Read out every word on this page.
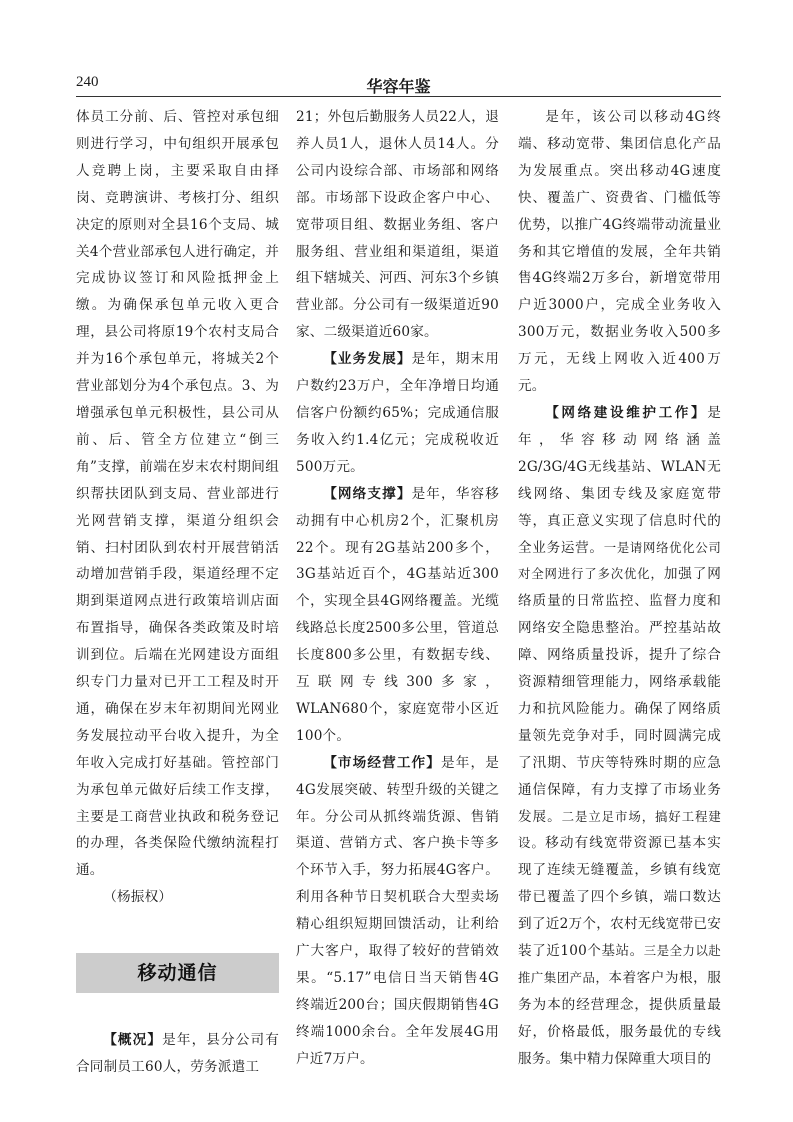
240	华容年鉴

体员工分前、后、管控对承包细则进行学习，中旬组织开展承包人竞聘上岗，主要采取自由择岗、竞聘演讲、考核打分、组织决定的原则对全县16个支局、城关4个营业部承包人进行确定，并完成协议签订和风险抵押金上缴。为确保承包单元收入更合理，县公司将原19个农村支局合并为16个承包单元，将城关2个营业部划分为4个承包点。3、为增强承包单元积极性，县公司从前、后、管全方位建立“倒三角”支撑，前端在岁末农村期间组织帮扶团队到支局、营业部进行光网营销支撑，渠道分组织会销、扫村团队到农村开展营销活动增加营销手段，渠道经理不定期到渠道网点进行政策培训店面布置指导，确保各类政策及时培训到位。后端在光网建设方面组织专门力量对已开工工程及时开通，确保在岁末年初期间光网业务发展拉动平台收入提升，为全年收入完成打好基础。管控部门为承包单元做好后续工作支撑，主要是工商营业执政和税务登记的办理，各类保险代缴纳流程打通。

（杨振权）

移动通信

【概况】是年，县分公司有合同制员工60人，劳务派遣工

21；外包后勤服务人员22人，退养人员1人，退休人员14人。分公司内设综合部、市场部和网络部。市场部下设政企客户中心、宽带项目组、数据业务组、客户服务组、营业组和渠道组，渠道组下辖城关、河西、河东3个乡镇营业部。分公司有一级渠道近90家、二级渠道近60家。

【业务发展】是年，期末用户数约23万户，全年净增日均通信客户份额约65%；完成通信服务收入约1.4亿元；完成税收近500万元。

【网络支撑】是年，华容移动拥有中心机房2个，汇聚机房22个。现有2G基站200多个，3G基站近百个，4G基站近300个，实现全县4G网络覆盖。光缆线路总长度2500多公里，管道总长度800多公里，有数据专线、互联网专线300多家，WLAN680个，家庭宽带小区近100个。

【市场经营工作】是年，是4G发展突破、转型升级的关键之年。分公司从抓终端货源、售销渠道、营销方式、客户换卡等多个环节入手，努力拓展4G客户。利用各种节日契机联合大型卖场精心组织短期回馈活动，让利给广大客户，取得了较好的营销效果。“5.17”电信日当天销售4G终端近200台；国庆假期销售4G终端1000余台。全年发展4G用户近7万户。

是年，该公司以移动4G终端、移动宽带、集团信息化产品为发展重点。突出移动4G速度快、覆盖广、资费省、门槛低等优势，以推广4G终端带动流量业务和其它增值的发展，全年共销售4G终端2万多台，新增宽带用户近3000户，完成全业务收入300万元，数据业务收入500多万元，无线上网收入近400万元。

【网络建设维护工作】是年，华容移动网络涵盖2G/3G/4G无线基站、WLAN无线网络、集团专线及家庭宽带等，真正意义实现了信息时代的全业务运营。一是请网络优化公司对全网进行了多次优化，加强了网络质量的日常监控、监督力度和网络安全隐患整治。严控基站故障、网络质量投诉，提升了综合资源精细管理能力，网络承载能力和抗风险能力。确保了网络质量领先竞争对手，同时圆满完成了汛期、节庆等特殊时期的应急通信保障，有力支撑了市场业务发展。二是立足市场，搞好工程建设。移动有线宽带资源已基本实现了连续无缝覆盖，乡镇有线宽带已覆盖了四个乡镇，端口数达到了近2万个，农村无线宽带已安装了近100个基站。三是全力以赴推广集团产品，本着客户为根，服务为本的经营理念，提供质量最好，价格最低，服务最优的专线服务。集中精力保障重大项目的
